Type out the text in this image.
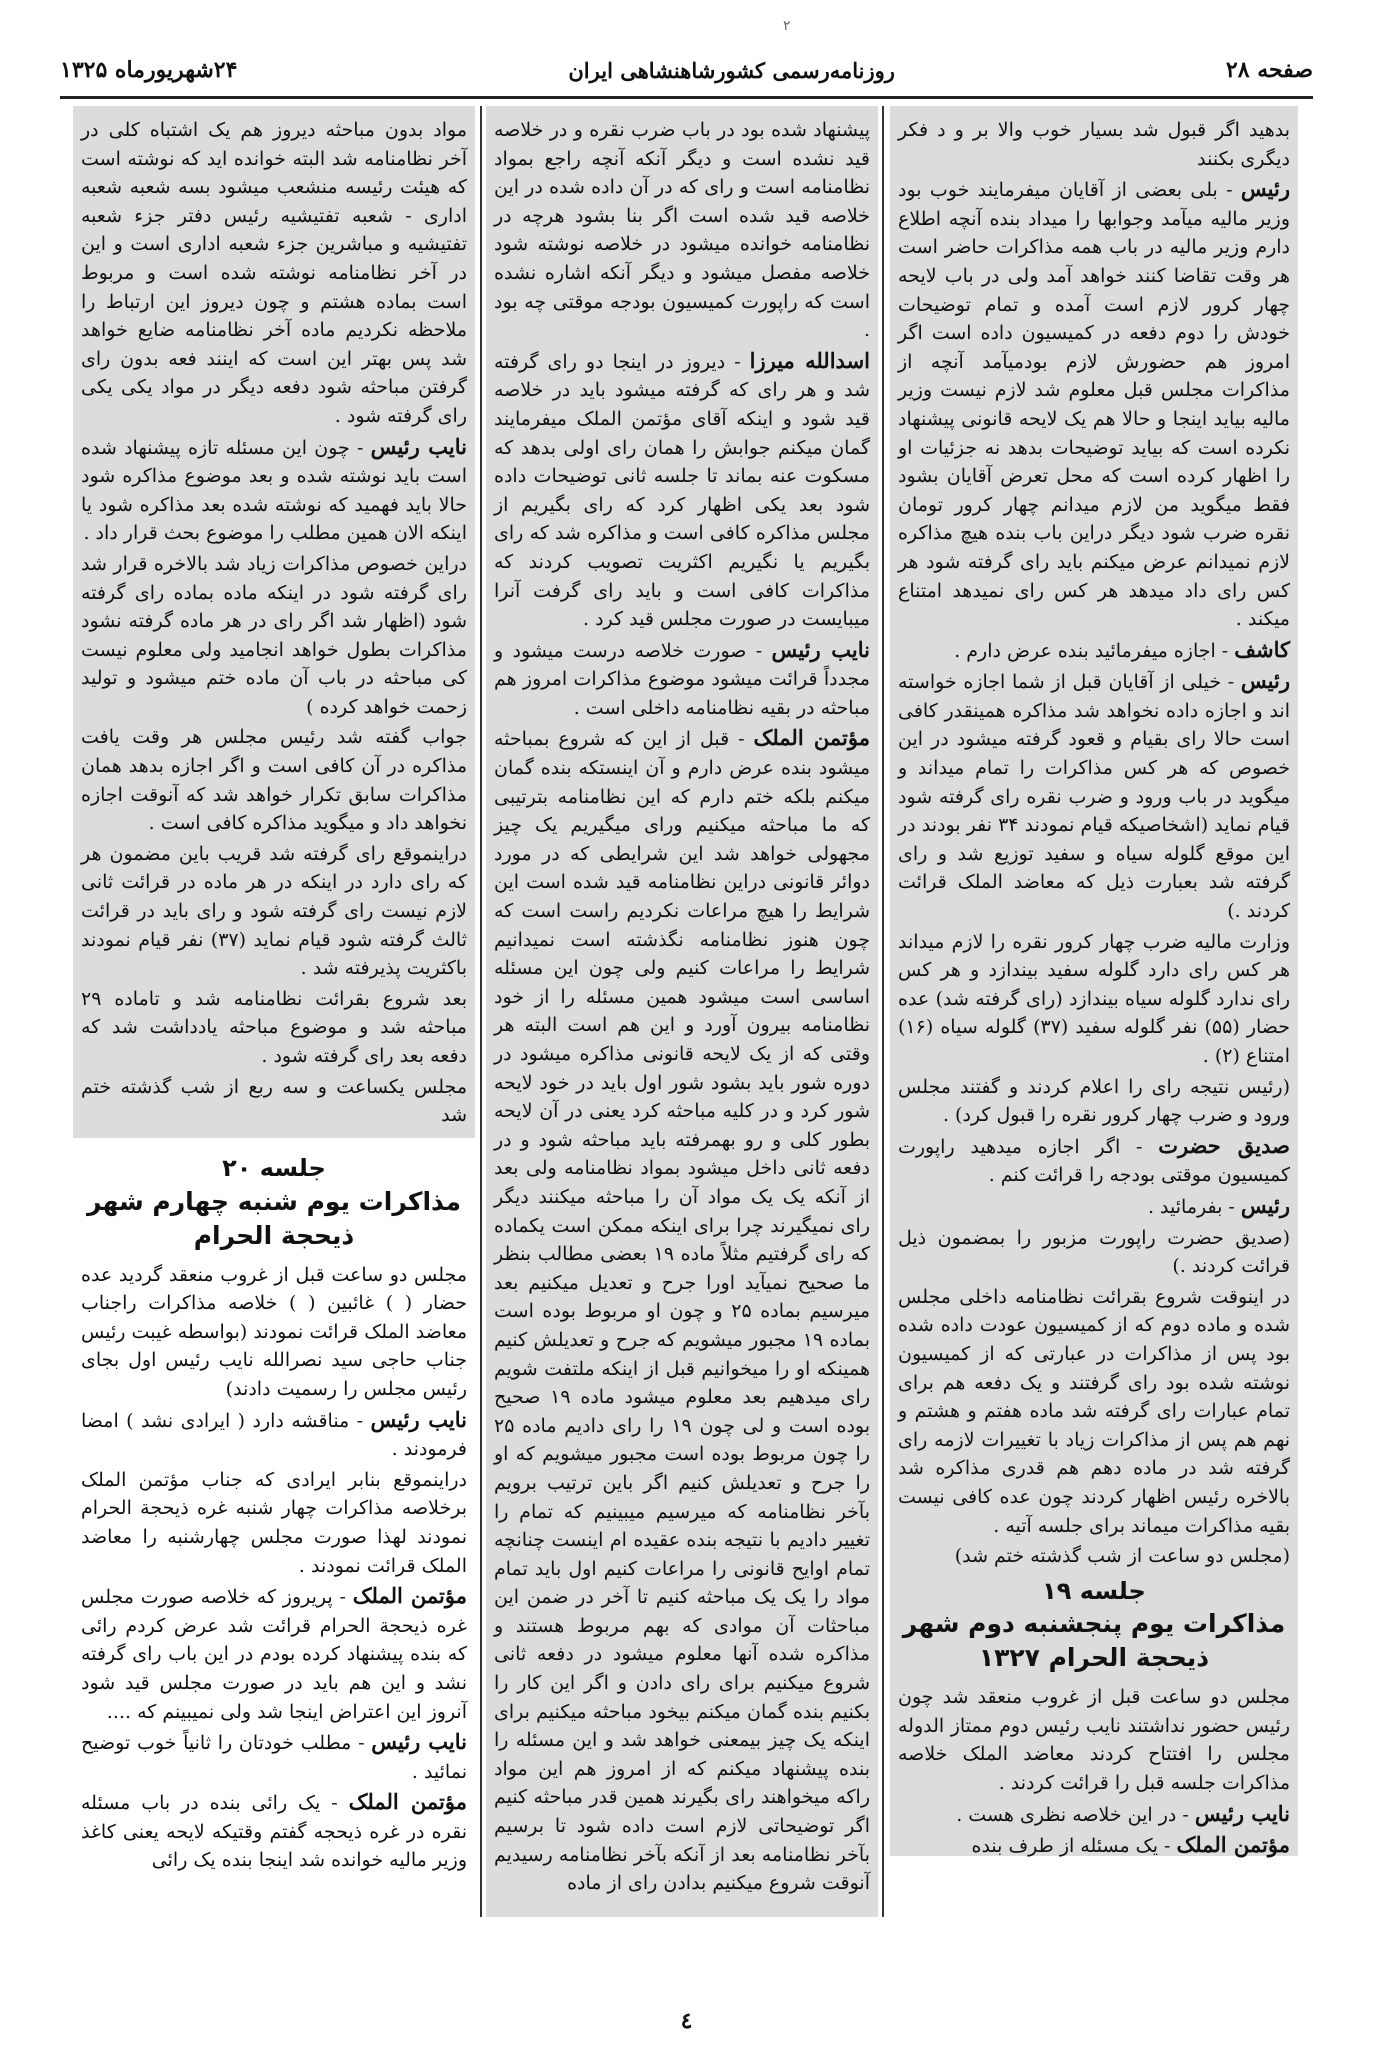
۲
صفحه ۲۸
روزنامه‌رسمی کشورشاهنشاهی ایران
۲۴شهریورماه ۱۳۲۵

بدهید اگر قبول شد بسیار خوب والا بر و د فکر دیگری بکنند

رئیس - بلی بعضی از آقایان میفرمایند خوب بود وزیر مالیه میآمد وجوابها را میداد بنده آنچه اطلاع دارم وزیر مالیه در باب همه مذاکرات حاضر است هر وقت تقاضا کنند خواهد آمد ولی در باب لایحه چهار کرور لازم است آمده و تمام توضیحات خودش را دوم دفعه در کمیسیون داده است اگر امروز هم حضورش لازم بودمیآمد آنچه از مذاکرات مجلس قبل معلوم شد لازم نیست وزیر مالیه بیاید اینجا و حالا هم یک لایحه قانونی پیشنهاد نکرده است که بیاید توضیحات بدهد نه جزئیات او را اظهار کرده است که محل تعرض آقایان بشود فقط میگوید من لازم میدانم چهار کرور تومان نقره ضرب شود دیگر دراین باب بنده هیچ مذاکره لازم نمیدانم عرض میکنم باید رای گرفته شود هر کس رای داد میدهد هر کس رای نمیدهد امتناع میکند .

کاشف - اجازه میفرمائید بنده عرض دارم .

رئیس - خیلی از آقایان قبل از شما اجازه خواسته اند و اجازه داده نخواهد شد مذاکره همینقدر کافی است حالا رای بقیام و قعود گرفته میشود در این خصوص که هر کس مذاکرات را تمام میداند و میگوید در باب ورود و ضرب نقره رای گرفته شود قیام نماید (اشخاصیکه قیام نمودند ۳۴ نفر بودند در این موقع گلوله سیاه و سفید توزیع شد و رای گرفته شد بعبارت ذیل که معاضد الملک قرائت کردند .)

وزارت مالیه ضرب چهار کرور نقره را لازم میداند هر کس رای دارد گلوله سفید بیندازد و هر کس رای ندارد گلوله سیاه بیندازد (رای گرفته شد) عده حضار (۵۵) نفر گلوله سفید (۳۷) گلوله سیاه (۱۶) امتناع (۲) .

(رئیس نتیجه رای را اعلام کردند و گفتند مجلس ورود و ضرب چهار کرور نقره را قبول کرد) .

صدیق حضرت - اگر اجازه میدهید راپورت کمیسیون موقتی بودجه را قرائت کنم .

رئیس - بفرمائید .

(صدیق حضرت راپورت مزبور را بمضمون ذیل قرائت کردند .)

در اینوقت شروع بقرائت نظامنامه داخلی مجلس شده و ماده دوم که از کمیسیون عودت داده شده بود پس از مذاکرات در عبارتی که از کمیسیون نوشته شده بود رای گرفتند و یک دفعه هم برای تمام عبارات رای گرفته شد ماده هفتم و هشتم و نهم هم پس از مذاکرات زیاد با تغییرات لازمه رای گرفته شد در ماده دهم هم قدری مذاکره شد بالاخره رئیس اظهار کردند چون عده کافی نیست بقیه مذاکرات میماند برای جلسه آتیه .

(مجلس دو ساعت از شب گذشته ختم شد)

جلسه ۱۹
مذاکرات یوم پنجشنبه دوم شهر ذیحجة الحرام ۱۳۲۷

مجلس دو ساعت قبل از غروب منعقد شد چون رئیس حضور نداشتند نایب رئیس دوم ممتاز الدوله مجلس را افتتاح کردند معاضد الملک خلاصه مذاکرات جلسه قبل را قرائت کردند .

نایب رئیس - در این خلاصه نظری هست .

مؤتمن الملک - یک مسئله از طرف بنده

پیشنهاد شده بود در باب ضرب نقره و در خلاصه قید نشده است و دیگر آنکه آنچه راجع بمواد نظامنامه است و رای که در آن داده شده در این خلاصه قید شده است اگر بنا بشود هرچه در نظامنامه خوانده میشود در خلاصه نوشته شود خلاصه مفصل میشود و دیگر آنکه اشاره نشده است که راپورت کمیسیون بودجه موقتی چه بود .

اسدالله میرزا - دیروز در اینجا دو رای گرفته شد و هر رای که گرفته میشود باید در خلاصه قید شود و اینکه آقای مؤتمن الملک میفرمایند گمان میکنم جوابش را همان رای اولی بدهد که مسکوت عنه بماند تا جلسه ثانی توضیحات داده شود بعد یکی اظهار کرد که رای بگیریم از مجلس مذاکره کافی است و مذاکره شد که رای بگیریم یا نگیریم اکثریت تصویب کردند که مذاکرات کافی است و باید رای گرفت آنرا میبایست در صورت مجلس قید کرد .

نایب رئیس - صورت خلاصه درست میشود و مجدداً قرائت میشود موضوع مذاکرات امروز هم مباحثه در بقیه نظامنامه داخلی است .

مؤتمن الملک - قبل از این که شروع بمباحثه میشود بنده عرض دارم و آن اینستکه بنده گمان میکنم بلکه ختم دارم که این نظامنامه بترتیبی که ما مباحثه میکنیم ورای میگیریم یک چیز مجهولی خواهد شد این شرایطی که در مورد دوائر قانونی دراین نظامنامه قید شده است این شرایط را هیچ مراعات نکردیم راست است که چون هنوز نظامنامه نگذشته است نمیدانیم شرایط را مراعات کنیم ولی چون این مسئله اساسی است میشود همین مسئله را از خود نظامنامه بیرون آورد و این هم است البته هر وقتی که از یک لایحه قانونی مذاکره میشود در دوره شور باید بشود شور اول باید در خود لایحه شور کرد و در کلیه مباحثه کرد یعنی در آن لایحه بطور کلی و رو بهمرفته باید مباحثه شود و در دفعه ثانی داخل میشود بمواد نظامنامه ولی بعد از آنکه یک یک مواد آن را مباحثه میکنند دیگر رای نمیگیرند چرا برای اینکه ممکن است یکماده که رای گرفتیم مثلاً ماده ۱۹ بعضی مطالب بنظر ما صحیح نمیآید اورا جرح و تعدیل میکنیم بعد میرسیم بماده ۲۵ و چون او مربوط بوده است بماده ۱۹ مجبور میشویم که جرح و تعدیلش کنیم همینکه او را میخوانیم قبل از اینکه ملتفت شویم رای میدهیم بعد معلوم میشود ماده ۱۹ صحیح بوده است و لی چون ۱۹ را رای دادیم ماده ۲۵ را چون مربوط بوده است مجبور میشویم که او را جرح و تعدیلش کنیم اگر باین ترتیب برویم بآخر نظامنامه که میرسیم میبینیم که تمام را تغییر دادیم با نتیجه بنده عقیده ام اینست چنانچه تمام اوایح قانونی را مراعات کنیم اول باید تمام مواد را یک یک مباحثه کنیم تا آخر در ضمن این مباحثات آن موادی که بهم مربوط هستند و مذاکره شده آنها معلوم میشود در دفعه ثانی شروع میکنیم برای رای دادن و اگر این کار را بکنیم بنده گمان میکنم بیخود مباحثه میکنیم برای اینکه یک چیز بیمعنی خواهد شد و این مسئله را بنده پیشنهاد میکنم که از امروز هم این مواد راکه میخواهند رای بگیرند همین قدر مباحثه کنیم اگر توضیحاتی لازم است داده شود تا برسیم بآخر نظامنامه بعد از آنکه بآخر نظامنامه رسیدیم آنوقت شروع میکنیم بدادن رای از ماده

مواد بدون مباحثه دیروز هم یک اشتباه کلی در آخر نظامنامه شد البته خوانده اید که نوشته است که هیئت رئیسه منشعب میشود بسه شعبه شعبه اداری - شعبه تفتیشیه رئیس دفتر جزء شعبه تفتیشیه و مباشرین جزء شعبه اداری است و این در آخر نظامنامه نوشته شده است و مربوط است بماده هشتم و چون دیروز این ارتباط را ملاحظه نکردیم ماده آخر نظامنامه ضایع خواهد شد پس بهتر این است که اینند فعه بدون رای گرفتن مباحثه شود دفعه دیگر در مواد یکی یکی رای گرفته شود .

نایب رئیس - چون این مسئله تازه پیشنهاد شده است باید نوشته شده و بعد موضوع مذاکره شود حالا باید فهمید که نوشته شده بعد مذاکره شود یا اینکه الان همین مطلب را موضوع بحث قرار داد .

دراین خصوص مذاکرات زیاد شد بالاخره قرار شد رای گرفته شود در اینکه ماده بماده رای گرفته شود (اظهار شد اگر رای در هر ماده گرفته نشود مذاکرات بطول خواهد انجامید ولی معلوم نیست کی مباحثه در باب آن ماده ختم میشود و تولید زحمت خواهد کرده )

جواب گفته شد رئیس مجلس هر وقت یافت مذاکره در آن کافی است و اگر اجازه بدهد همان مذاکرات سابق تکرار خواهد شد که آنوقت اجازه نخواهد داد و میگوید مذاکره کافی است .

دراینموقع رای گرفته شد قریب باین مضمون هر که رای دارد در اینکه در هر ماده در قرائت ثانی لازم نیست رای گرفته شود و رای باید در قرائت ثالث گرفته شود قیام نماید (۳۷) نفر قیام نمودند باکثریت پذیرفته شد .

بعد شروع بقرائت نظامنامه شد و تاماده ۲۹ مباحثه شد و موضوع مباحثه یادداشت شد که دفعه بعد رای گرفته شود .

مجلس یکساعت و سه ربع از شب گذشته ختم شد

جلسه ۲۰
مذاکرات یوم شنبه چهارم شهر ذیحجة الحرام

مجلس دو ساعت قبل از غروب منعقد گردید عده حضار ( ) غائبین ( ) خلاصه مذاکرات راجناب معاضد الملک قرائت نمودند (بواسطه غیبت رئیس جناب حاجی سید نصرالله نایب رئیس اول بجای رئیس مجلس را رسمیت دادند)

نایب رئیس - مناقشه دارد ( ایرادی نشد ) امضا فرمودند .

دراینموقع بنابر ایرادی که جناب مؤتمن الملک برخلاصه مذاکرات چهار شنبه غره ذیحجة الحرام نمودند لهذا صورت مجلس چهارشنبه را معاضد الملک قرائت نمودند .

مؤتمن الملک - پریروز که خلاصه صورت مجلس غره ذیحجة الحرام قرائت شد عرض کردم رائی که بنده پیشنهاد کرده بودم در این باب رای گرفته نشد و این هم باید در صورت مجلس قید شود آنروز این اعتراض اینجا شد ولی نمیبینم که ....

نایب رئیس - مطلب خودتان را ثانیاً خوب توضیح نمائید .

مؤتمن الملک - یک رائی بنده در باب مسئله نقره در غره ذیحجه گفتم وقتیکه لایحه یعنی کاغذ وزیر مالیه خوانده شد اینجا بنده یک رائی

٤
